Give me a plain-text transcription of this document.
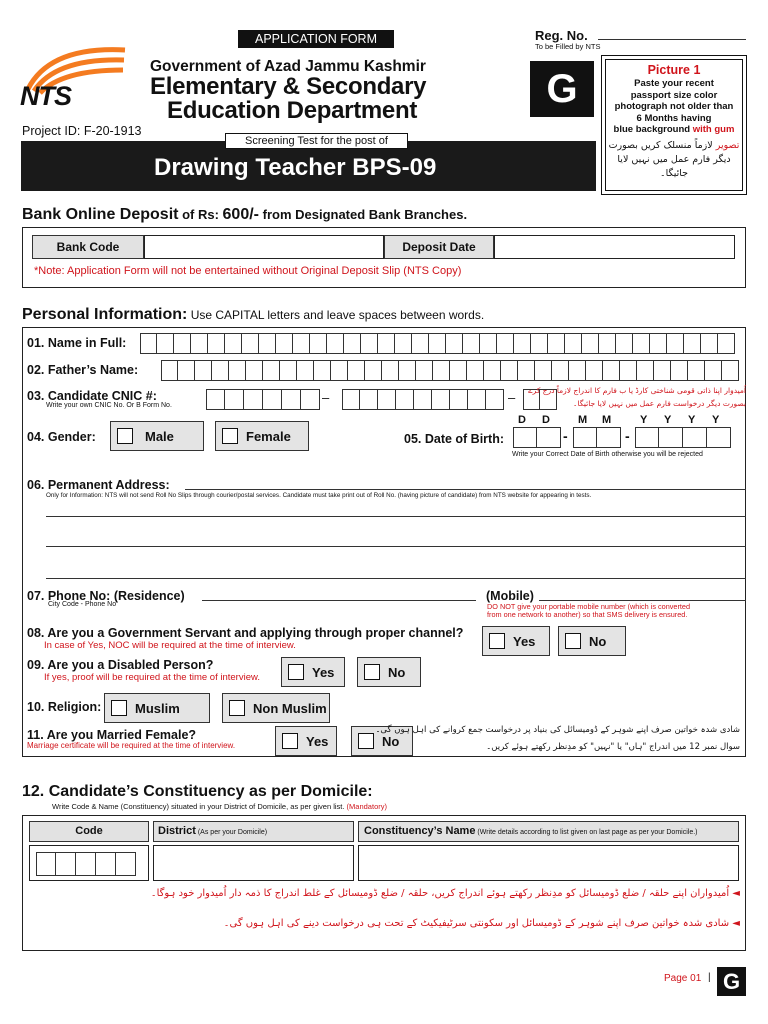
APPLICATION FORM
NTS
Government of Azad Jammu Kashmir
Elementary & Secondary
Education Department
Project ID: F-20-1913
Reg. No.
To be Filled by NTS
G	Picture 1
Paste your recent
passport size color
photograph not older than
6 Months having
blue background with gum
تصویر لازماً منسلک کریں بصورت
دیگر فارم عمل میں نہیں لایا جائیگا۔
Screening Test for the post of
Drawing Teacher BPS-09
Bank Online Deposit of Rs: 600/- from Designated Bank Branches.
Bank Code	Deposit Date
*Note: Application Form will not be entertained without Original Deposit Slip (NTS Copy)
Personal Information: Use CAPITAL letters and leave spaces between words.
01. Name in Full:
02. Father’s Name:
03. Candidate CNIC #:
Write your own CNIC No. Or B Form No.
–	– اُمیدوار اپنا ذاتی قومی شناختی کارڈ یا ب فارم کا اندراج لازماً درج کرے
بصورت دیگر درخواست فارم عمل میں نہیں لایا جائیگا۔
04. Gender:	Male	Female	05. Date of Birth:
D D	M M	Y Y Y Y
-	-
Write your Correct Date of Birth otherwise you will be rejected
06. Permanent Address:
Only for Information: NTS will not send Roll No Slips through courier/postal services. Candidate must take print out of Roll No. (having picture of candidate) from NTS website for appearing in tests.
07. Phone No: (Residence)
City Code - Phone No
(Mobile)
DO NOT give your portable mobile number (which is converted
from one network to another) so that SMS delivery is ensured.
08. Are you a Government Servant and applying through proper channel?
In case of Yes, NOC will be required at the time of interview.	Yes	No
09. Are you a Disabled Person?
If yes, proof will be required at the time of interview.	Yes	No
10. Religion:	Muslim	Non Muslim
11. Are you Married Female?
Marriage certificate will be required at the time of interview.	Yes	No
شادی شدہ خواتین صرف اپنے شوہر کے ڈومیسائل کی بنیاد پر درخواست جمع کروانے کی اہل ہوں گی۔
سوال نمبر 12 میں اندراج "ہاں" یا "نہیں" کو مدِنظر رکھتے ہوئے کریں۔
12. Candidate’s Constituency as per Domicile:
Write Code & Name (Constituency) situated in your District of Domicile, as per given list. (Mandatory)
Code	District (As per your Domicile)	Constituency’s Name (Write details according to list given on last page as per your Domicile.)
◄ اُمیدواران اپنے حلقہ / ضلع ڈومیسائل کو مدِنظر رکھتے ہوئے اندراج کریں، حلقہ / ضلع ڈومیسائل کے غلط اندراج کا ذمہ دار اُمیدوار خود ہوگا۔
◄ شادی شدہ خواتین صرف اپنے شوہر کے ڈومیسائل اور سکونتی سرٹیفیکیٹ کے تحت ہی درخواست دینے کی اہل ہوں گی۔
Page 01 | G
